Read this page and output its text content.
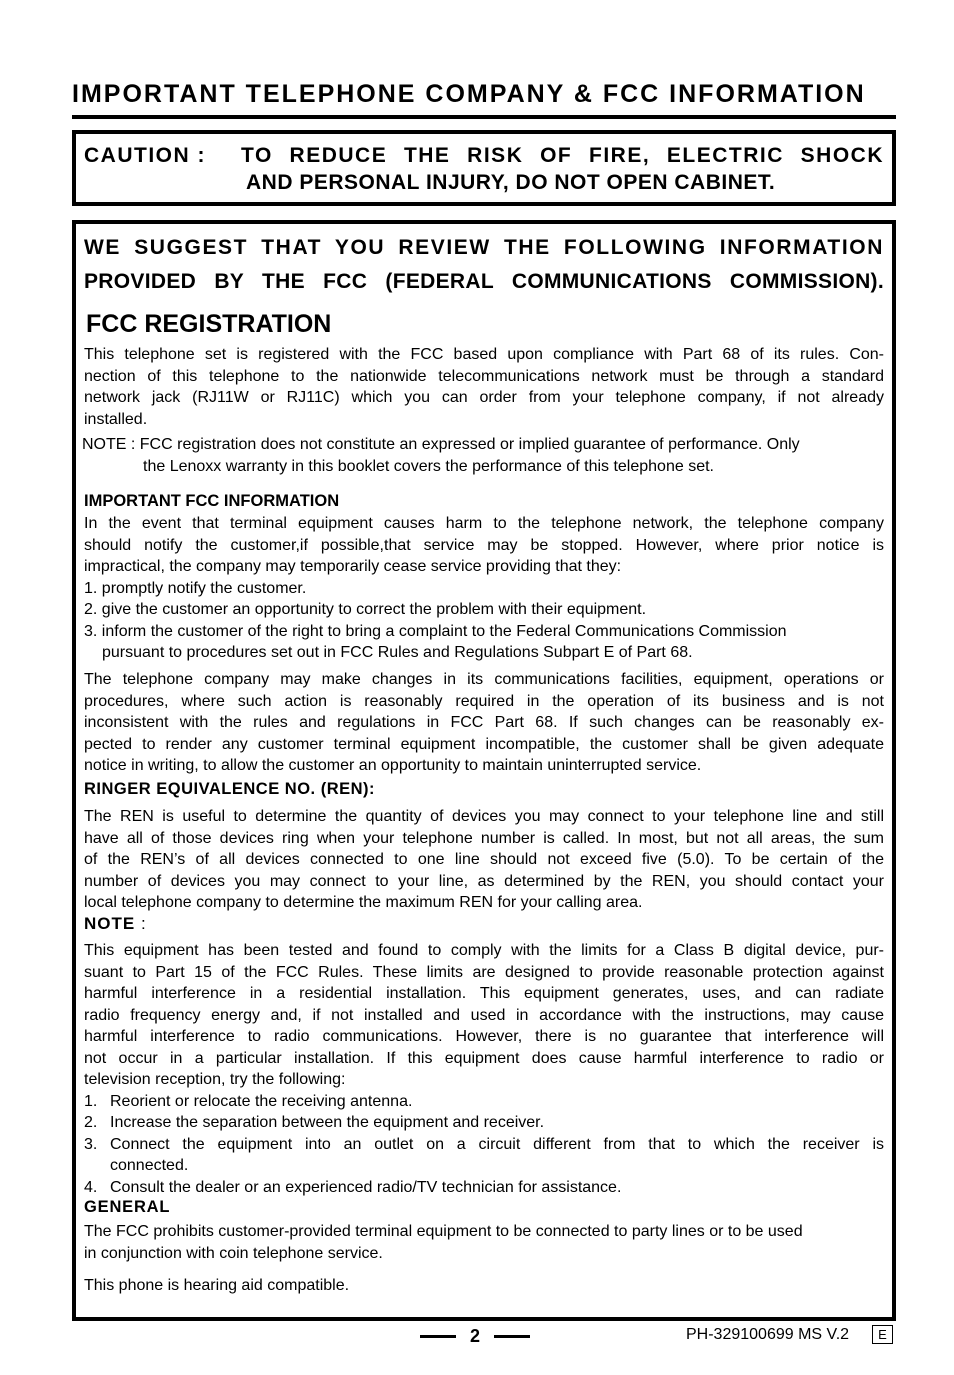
IMPORTANT TELEPHONE COMPANY & FCC INFORMATION
CAUTION : TO REDUCE THE RISK OF FIRE, ELECTRIC SHOCK
AND PERSONAL INJURY, DO NOT OPEN CABINET.
WE SUGGEST THAT YOU REVIEW THE FOLLOWING INFORMATION
PROVIDED BY THE FCC (FEDERAL COMMUNICATIONS COMMISSION).
FCC REGISTRATION
This telephone set is registered with the FCC based upon compliance with Part 68 of its rules. Con-
nection of this telephone to the nationwide telecommunications network must be through a standard
network jack (RJ11W or RJ11C) which you can order from your telephone company, if not already
installed.
NOTE : FCC registration does not constitute an expressed or implied guarantee of performance. Only
the Lenoxx warranty in this booklet covers the performance of this telephone set.
IMPORTANT FCC INFORMATION
In the event that terminal equipment causes harm to the telephone network, the telephone company
should notify the customer,if possible,that service may be stopped. However, where prior notice is
impractical, the company may temporarily cease service providing that they:
1. promptly notify the customer.
2. give the customer an opportunity to correct the problem with their equipment.
3. inform the customer of the right to bring a complaint to the Federal Communications Commission
pursuant to procedures set out in FCC Rules and Regulations Subpart E of Part 68.
The telephone company may make changes in its communications facilities, equipment, operations or
procedures, where such action is reasonably required in the operation of its business and is not
inconsistent with the rules and regulations in FCC Part 68. If such changes can be reasonably ex-
pected to render any customer terminal equipment incompatible, the customer shall be given adequate
notice in writing, to allow the customer an opportunity to maintain uninterrupted service.
RINGER EQUIVALENCE NO. (REN):
The REN is useful to determine the quantity of devices you may connect to your telephone line and still
have all of those devices ring when your telephone number is called. In most, but not all areas, the sum
of the REN’s of all devices connected to one line should not exceed five (5.0). To be certain of the
number of devices you may connect to your line, as determined by the REN, you should contact your
local telephone company to determine the maximum REN for your calling area.
NOTE :
This equipment has been tested and found to comply with the limits for a Class B digital device, pur-
suant to Part 15 of the FCC Rules. These limits are designed to provide reasonable protection against
harmful interference in a residential installation. This equipment generates, uses, and can radiate
radio frequency energy and, if not installed and used in accordance with the instructions, may cause
harmful interference to radio communications. However, there is no guarantee that interference will
not occur in a particular installation. If this equipment does cause harmful interference to radio or
television reception, try the following:
1. Reorient or relocate the receiving antenna.
2. Increase the separation between the equipment and receiver.
3. Connect the equipment into an outlet on a circuit different from that to which the receiver is
connected.
4. Consult the dealer or an experienced radio/TV technician for assistance.
GENERAL
The FCC prohibits customer-provided terminal equipment to be connected to party lines or to be used
in conjunction with coin telephone service.
This phone is hearing aid compatible.
2	PH-329100699 MS V.2	E
